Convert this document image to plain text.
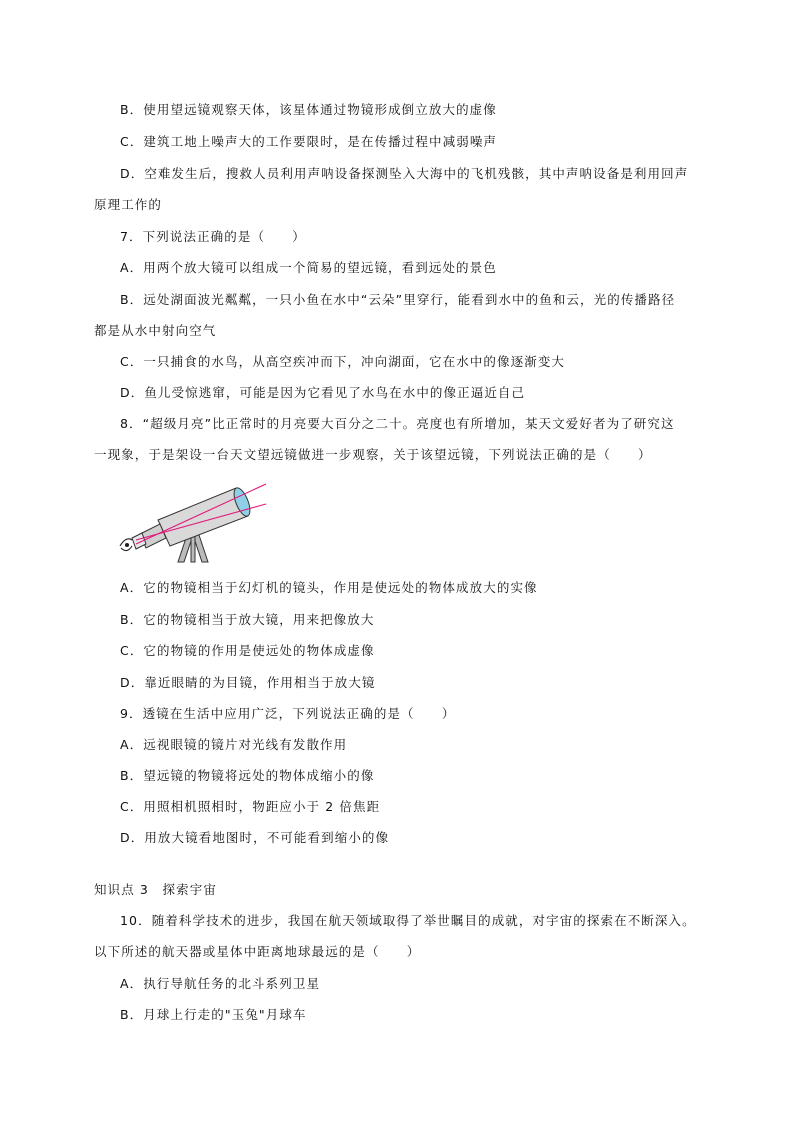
B．使用望远镜观察天体，该星体通过物镜形成倒立放大的虚像
C．建筑工地上噪声大的工作要限时，是在传播过程中减弱噪声
D．空难发生后，搜救人员利用声呐设备探测坠入大海中的飞机残骸，其中声呐设备是利用回声
原理工作的
7．下列说法正确的是（　　）
A．用两个放大镜可以组成一个简易的望远镜，看到远处的景色
B．远处湖面波光粼粼，一只小鱼在水中“云朵”里穿行，能看到水中的鱼和云，光的传播路径
都是从水中射向空气
C．一只捕食的水鸟，从高空疾冲而下，冲向湖面，它在水中的像逐渐变大
D．鱼儿受惊逃窜，可能是因为它看见了水鸟在水中的像正逼近自己
8．“超级月亮”比正常时的月亮要大百分之二十。亮度也有所增加，某天文爱好者为了研究这
一现象，于是架设一台天文望远镜做进一步观察，关于该望远镜，下列说法正确的是（　　）
A．它的物镜相当于幻灯机的镜头，作用是使远处的物体成放大的实像
B．它的物镜相当于放大镜，用来把像放大
C．它的物镜的作用是使远处的物体成虚像
D．靠近眼睛的为目镜，作用相当于放大镜
9．透镜在生活中应用广泛，下列说法正确的是（　　）
A．远视眼镜的镜片对光线有发散作用
B．望远镜的物镜将远处的物体成缩小的像
C．用照相机照相时，物距应小于 2 倍焦距
D．用放大镜看地图时，不可能看到缩小的像
知识点 3　探索宇宙
10．随着科学技术的进步，我国在航天领域取得了举世瞩目的成就，对宇宙的探索在不断深入。
以下所述的航天器或星体中距离地球最远的是（　　）
A．执行导航任务的北斗系列卫星
B．月球上行走的"玉兔"月球车
